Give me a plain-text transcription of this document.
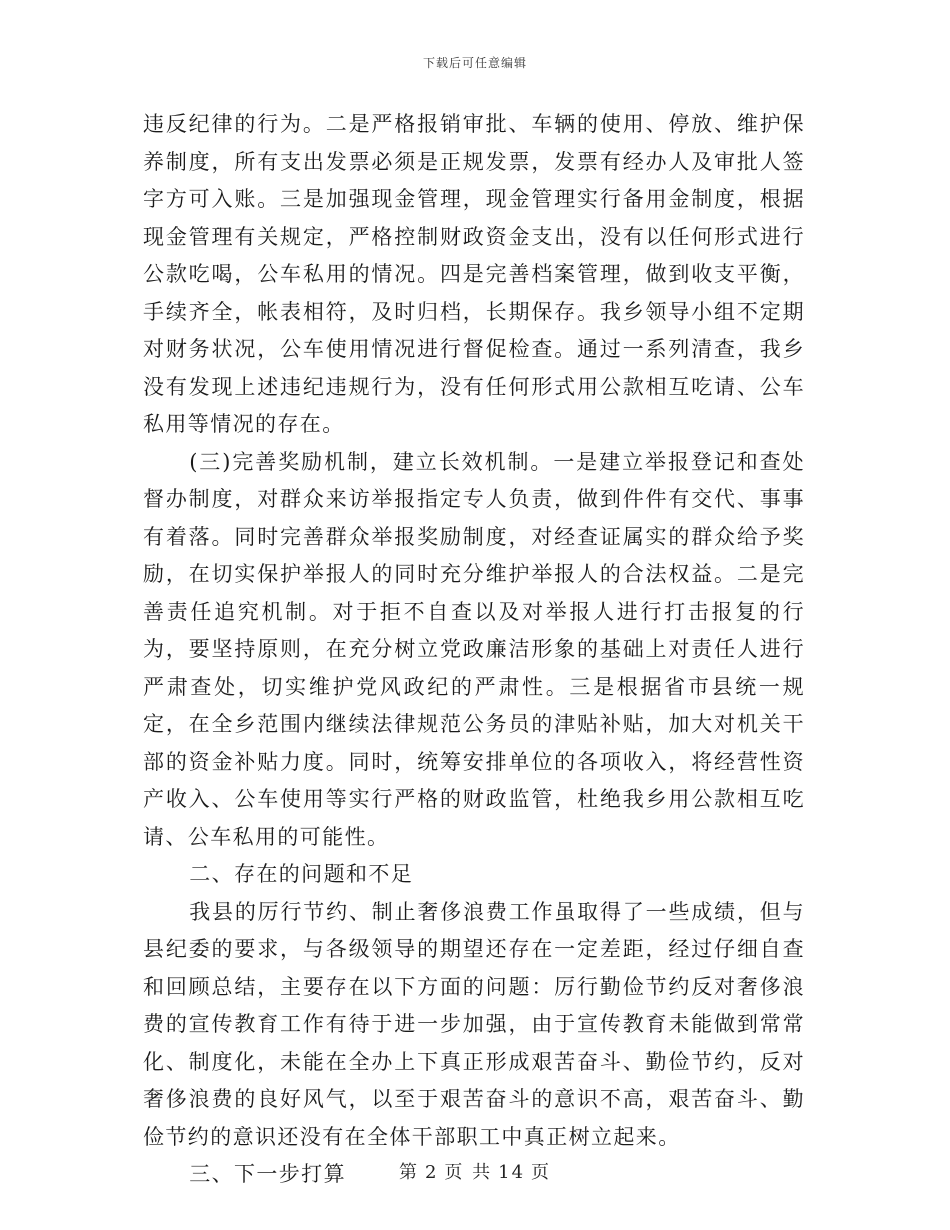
下载后可任意编辑

违反纪律的行为。二是严格报销审批、车辆的使用、停放、维护保养制度，所有支出发票必须是正规发票，发票有经办人及审批人签字方可入账。三是加强现金管理，现金管理实行备用金制度，根据现金管理有关规定，严格控制财政资金支出，没有以任何形式进行公款吃喝，公车私用的情况。四是完善档案管理，做到收支平衡，手续齐全，帐表相符，及时归档，长期保存。我乡领导小组不定期对财务状况，公车使用情况进行督促检查。通过一系列清查，我乡没有发现上述违纪违规行为，没有任何形式用公款相互吃请、公车私用等情况的存在。

(三)完善奖励机制，建立长效机制。一是建立举报登记和查处督办制度，对群众来访举报指定专人负责，做到件件有交代、事事有着落。同时完善群众举报奖励制度，对经查证属实的群众给予奖励，在切实保护举报人的同时充分维护举报人的合法权益。二是完善责任追究机制。对于拒不自查以及对举报人进行打击报复的行为，要坚持原则，在充分树立党政廉洁形象的基础上对责任人进行严肃查处，切实维护党风政纪的严肃性。三是根据省市县统一规定，在全乡范围内继续法律规范公务员的津贴补贴，加大对机关干部的资金补贴力度。同时，统筹安排单位的各项收入，将经营性资产收入、公车使用等实行严格的财政监管，杜绝我乡用公款相互吃请、公车私用的可能性。

二、存在的问题和不足

我县的厉行节约、制止奢侈浪费工作虽取得了一些成绩，但与县纪委的要求，与各级领导的期望还存在一定差距，经过仔细自查和回顾总结，主要存在以下方面的问题：厉行勤俭节约反对奢侈浪费的宣传教育工作有待于进一步加强，由于宣传教育未能做到常常化、制度化，未能在全办上下真正形成艰苦奋斗、勤俭节约，反对奢侈浪费的良好风气，以至于艰苦奋斗的意识不高，艰苦奋斗、勤俭节约的意识还没有在全体干部职工中真正树立起来。

三、下一步打算	第 2 页 共 14 页
